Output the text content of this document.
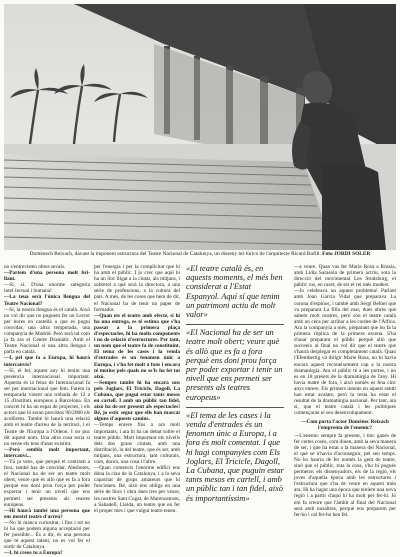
Domènech Reixach, davant la imponent estructura del Teatre Nacional de Catalunya, un disseny tel·lúrico de l'arquitecte Ricard Bofill. Foto JORDI SOLER

no s'entrevisten obres sevals.

—Partem d'una persona molt bri- llant.

—Si, sí. D'una enorme categoria intel·lectual i humana!

—La teua serà l'única llengua del Teatre Nacional?

—Sí, la nostra llengua és el català. Això no vol dir que no puguem fer un Lector per hores en castellà o que es pugui convidar, una altra temporada, una companyia de Madrid. Però serà tal com ja fa ara el Centre Dramàtic. Amb el Teatre Nacional si una altra llengua i parla en català.

—I, pel que fa a Europa, hi haurà intercanvis?

—Sí, el fet, aquest any hi tenim una presència internacional important. Aquesta és la feina de Internacional fa ser per internacional que fem. Farem la temporada vinent una trobada de 12 a 15 d'instituts europeus a Barcelona. En concret hi ha un espai de projectes, i els actors que hi seran previstos 90/2000 els acollirem. També hi haurà una relació amb el teatre d'arreu de la territori, i el Teatre de l'Europa a l'Odeon. I no puc dir aquest nom. Una altra cosa seria si no sense els teus d'anar existint.

—Però sembla molt important, intercanvi...

—Tú ja veus, que perquè el contrasti a fora, també has de convidar. Aleshores, el Nacional ha de ser un teatre molt obert, veure què és allò que es fa a fora perquè ens doni prou força per poder exportar i tenir un nivell que ens permeti ser presents als teatres europeus.

—Hi haurà també una persona que ens mostri teatre d'arreu?

—No hi manca curiositat, i fins i tot no hi ha que podem alguna acceptació per fer possible... És a dir, és una persona que té aquest talent, no es vol fer el sortir de Catalunya.

—I, hi creus tu a Europa?

per l'energia i per la complicitat que hi ha amb el públic. I jo crec que aquí hi ha un lloc lligat a la ciutat, als mitjans, i sobretot a què serà la directora, a una sèrie de professions, a la cultura del país. A més, de les coses que hem de dir, el Nacional ha de tenir un paper de formador.

—Quan ets el teatre amb efecte, si hi ha una entrega, es té estima que s'ha passat a la primera plaça d'espectacles, hi ha molts components i no de relació d'estructures. Per tant, un nom que el teatre fa de constituint. El tema de les cases i la venda d'entrades és un fenomen únic a Europa, i s'ha fet molt a fons i encara té motius pels quals no se'ls ha fet tot això.

—Sempre també hi ha encara uns pels Juglars, El Tricicle, Dagoll, La Cubana, que pugui estar tants mesos en cartell. I amb un públic tan fidel, això ha de ser present als espectacles! Bé, jo estic segur que ells han marcat alguns d'aquests camins.

—Temps enrere fins a ara molt importants, i ara hi ha un debat sobre el teatre públic. Molt important els nivells dels dos grans ciutats, amb una distribució, la del teatre, que és ser, amb mitjans, una estructura, tant culturals, com, doncs, una cosa i l'altre.

—Quan comencis l'enorme edifici ens dóna la clau de la Catalunya, i a la seva capacitat de grups amateurs que hi funcionen. Bé, això ens obliga en una sèrie de llocs i obra dues tres per veure, les nostres Sant Cugat, de Marenostrum, a Sabadell, Lleida, un teatre que en fer el proper mes i que vulgui teatre tenen.

«El teatre català és, en aquests moments, el més ben considerat a l'Estat Espanyol. Aquí sí que tenim un patrimoni actiu de molt valor»

«El Nacional ha de ser un teatre molt obert; veure què és allò que es fa a fora perquè ens doni prou força per poder exportar i tenir un nivell que ens permeti ser presents als teatres europeus»

«El tema de les cases i la venda d'entrades és un fenomen únic a Europa, i a fora és molt comentat. I que hi hagi companyies com Els Joglars, El Tricicle, Dagoll, La Cubana, que puguin estar tants mesos en cartell, i amb un públic tan i tan fidel, això és importantíssim»

—a veure. Quan vas fer Marie Rosa a Rússia, amb Lídia Sarasola de primera actriu, sota la direcció del movimental Les Stralsburg, el públic rus, en ruset, de ser el rei més modest.

—Jo celebrava un aquest problema! Parlant amb Joan Garcia Vidal que preparava La corona d'espinos, i també amb Sergi Belbel que va preparant La filla del mar, dues obres que sabem molt nostres, però són el teatre català amb un cens per arribar a les cordes de l'Àlfica. Ara la companyia a més, preparant que ho fa la primera ròplica de la primera escena. S'ha d'anar preparant el públic perquè allò que succeeix al final no vol dir que el teatre que s'haurà desplegat es completament català. Quan l'Efembertig va dirigir Marie Rosa, no hi havia encara aquest reconeixement cap a la nostra dramatúrgia. Ara el públic té a les portes, i no es en 18 presets de la dramatúrgia de l'any. Hi havia teatre de fora, i això només es feia cinc anys enrere. Els primers intents en aquest sentit han estat avalats, però la resta ha estat el resultat de la dramatúrgia nacional. Per tant, ara sí, que el teatre català i les polítiques començaran el seu desenvolupament.

—Com porta l'actor Domènec Reixach l'emprenta de l'enemic?

—L'enemic sempre fa present, i tinc ganes de fer certes coses, com diuen, amb la seva manera de ser, i que ha estat a la manera del Nacional, el què se n'havia d'aconseguir, pel seu temps. No ho hauria de fer només la gent de teatre, sinó que el públic, tota la cosa, s'ho hi pogués permetre; els dissenyadors, els de la regió, els joves d'aquella època amb les estructures i l'estructura que s'ha de veure en aquest món ara. Hi ha hagut una època que teníem una nova regió i a partir d'aquí hi ha molt per fer-hi. Jo em fa creure que l'àmbit al final del Nacional serà amb nosaltres, perquè ens preparem per fer-ho i cal fer-ho ben fet.
